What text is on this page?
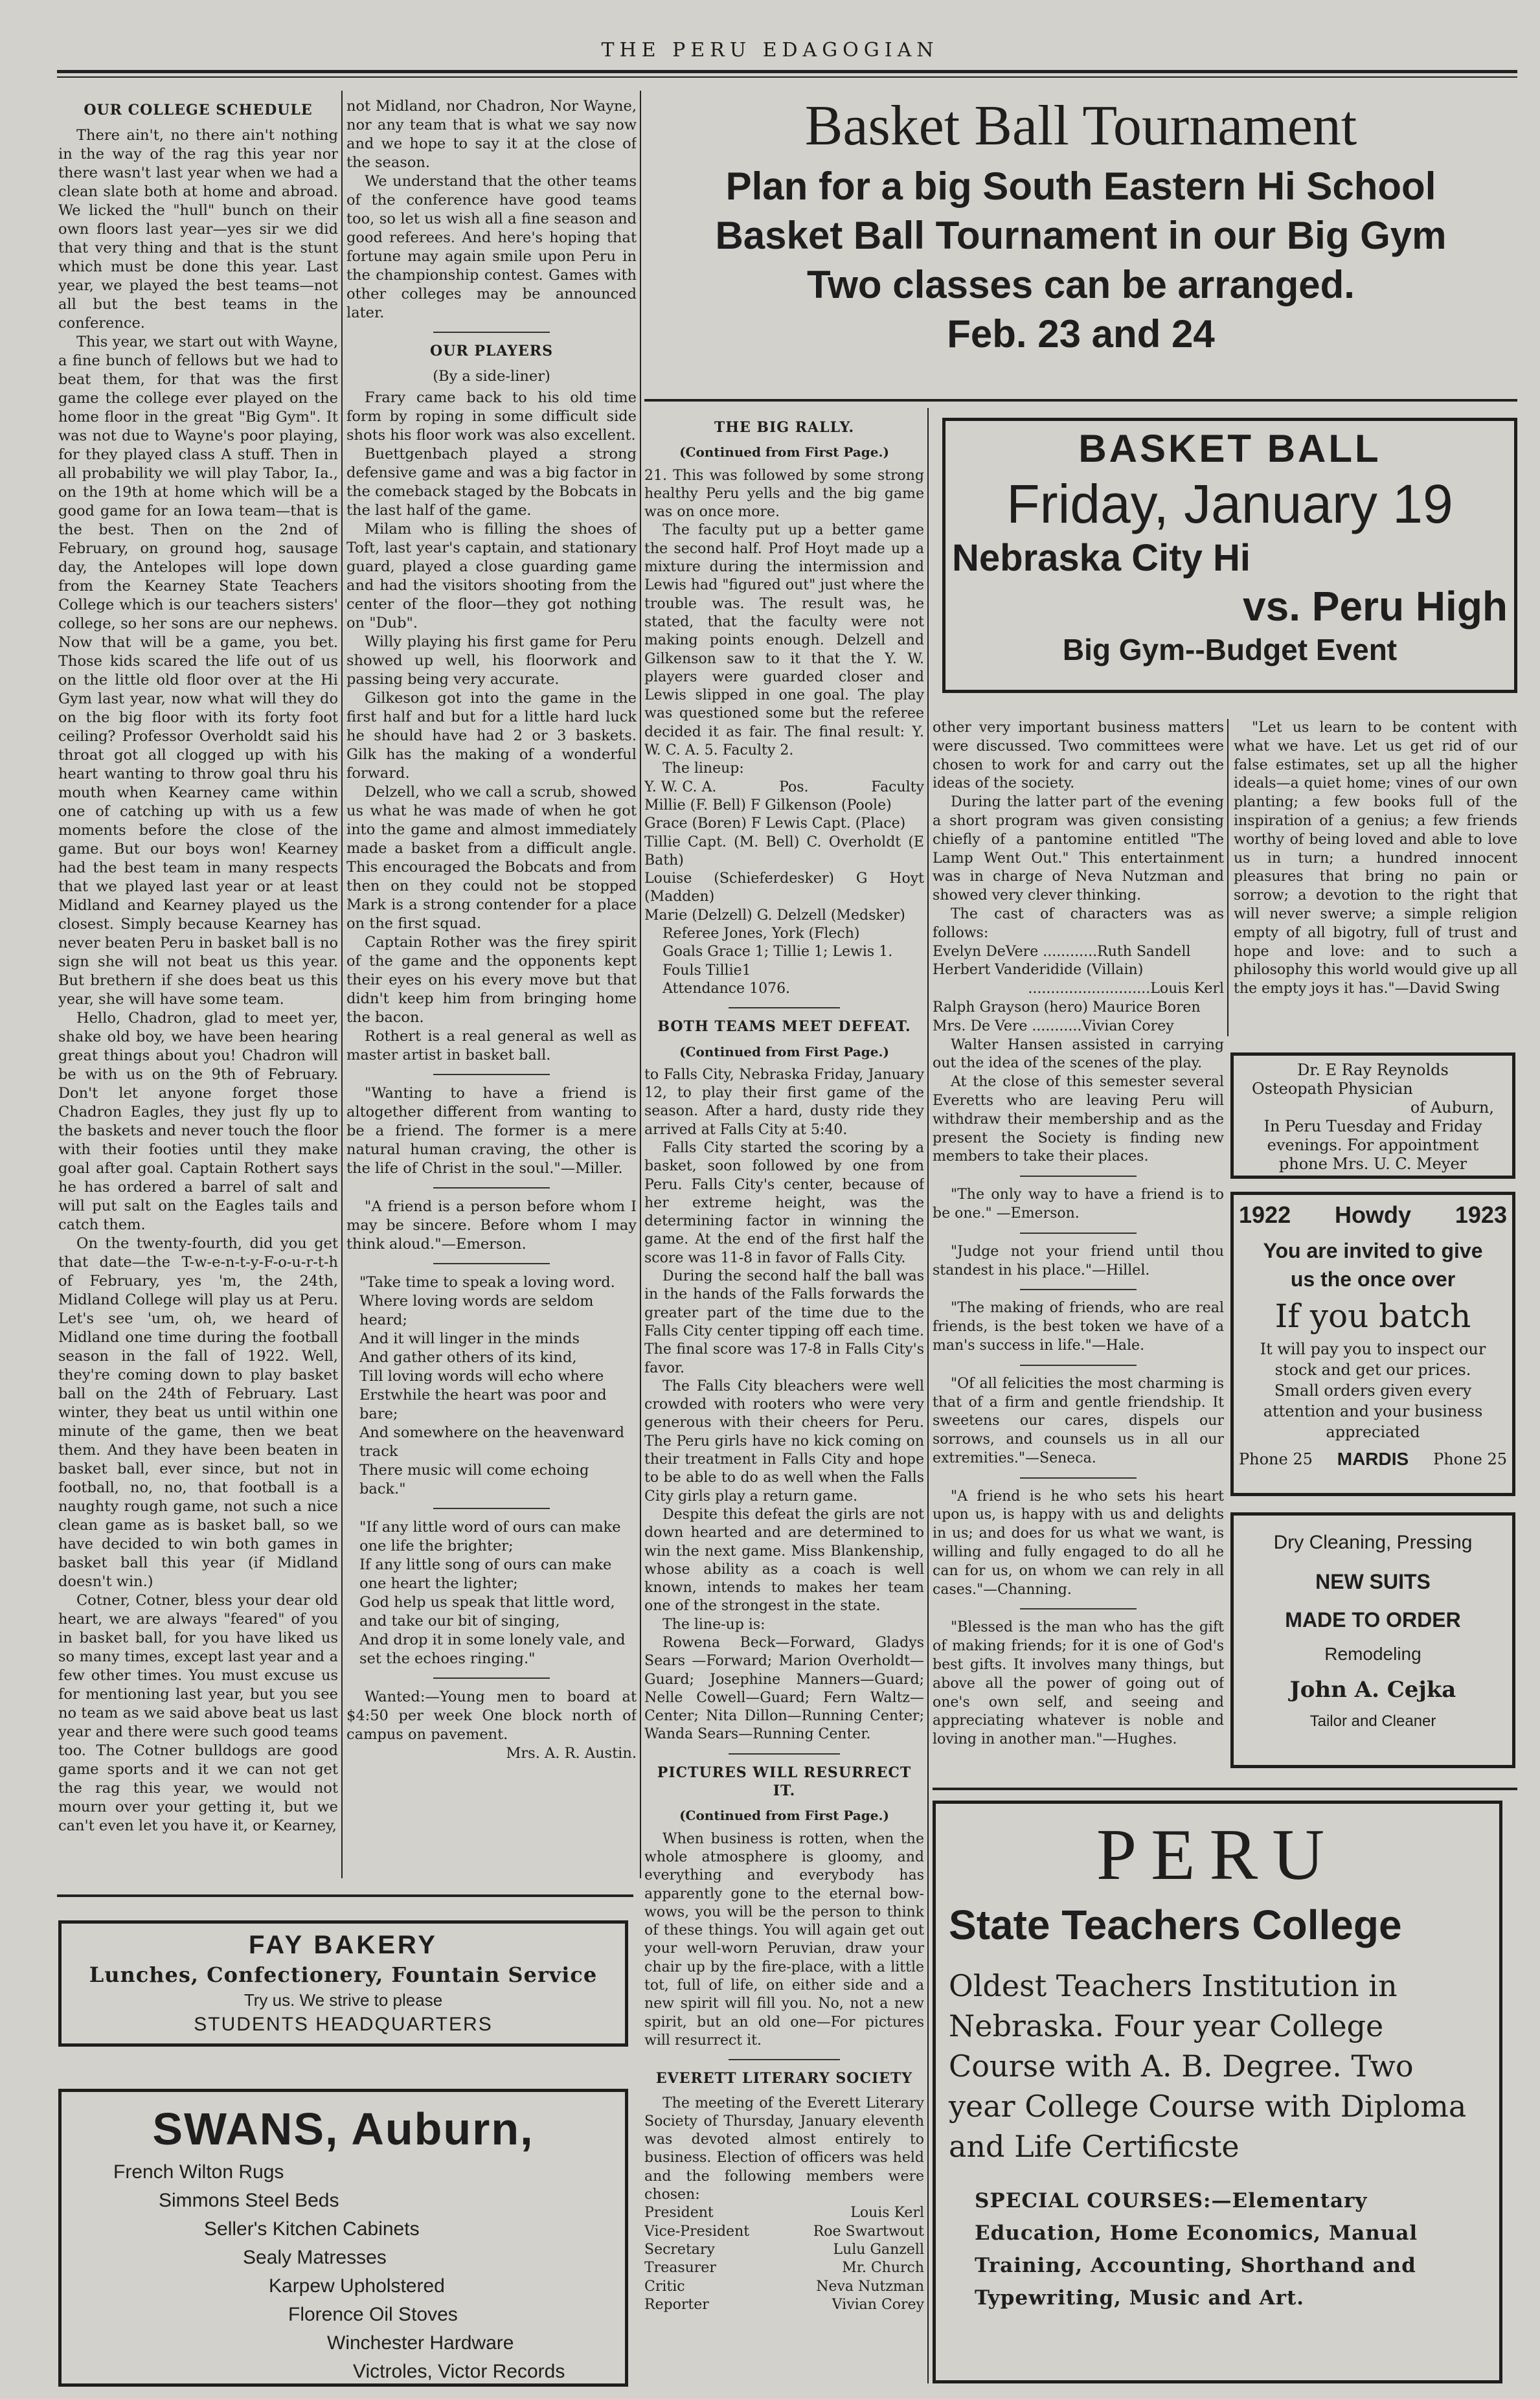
THE PERU EDAGOGIAN
OUR COLLEGE SCHEDULE

There ain't, no there ain't nothing in the way of the rag this year nor there wasn't last year when we had a clean slate both at home and abroad. We licked the "hull" bunch on their own floors last year—yes sir we did that very thing and that is the stunt which must be done this year. Last year, we played the best teams—not all but the best teams in the conference.

This year, we start out with Wayne, a fine bunch of fellows but we had to beat them, for that was the first game the college ever played on the home floor in the great "Big Gym". It was not due to Wayne's poor playing, for they played class A stuff. Then in all probability we will play Tabor, Ia., on the 19th at home which will be a good game for an Iowa team—that is the best. Then on the 2nd of February, on ground hog, sausage day, the Antelopes will lope down from the Kearney State Teachers College which is our teachers sisters' college, so her sons are our nephews. Now that will be a game, you bet. Those kids scared the life out of us on the little old floor over at the Hi Gym last year, now what will they do on the big floor with its forty foot ceiling? Professor Overholdt said his throat got all clogged up with his heart wanting to throw goal thru his mouth when Kearney came within one of catching up with us a few moments before the close of the game. But our boys won! Kearney had the best team in many respects that we played last year or at least Midland and Kearney played us the closest. Simply because Kearney has never beaten Peru in basket ball is no sign she will not beat us this year. But brethern if she does beat us this year, she will have some team.

Hello, Chadron, glad to meet yer, shake old boy, we have been hearing great things about you! Chadron will be with us on the 9th of February. Don't let anyone forget those Chadron Eagles, they just fly up to the baskets and never touch the floor with their footies until they make goal after goal. Captain Rothert says he has ordered a barrel of salt and will put salt on the Eagles tails and catch them.

On the twenty-fourth, did you get that date—the T-w-e-n-t-y-F-o-u-r-t-h of February, yes 'm, the 24th, Midland College will play us at Peru. Let's see 'um, oh, we heard of Midland one time during the football season in the fall of 1922. Well, they're coming down to play basket ball on the 24th of February. Last winter, they beat us until within one minute of the game, then we beat them. And they have been beaten in basket ball, ever since, but not in football, no, no, that football is a naughty rough game, not such a nice clean game as is basket ball, so we have decided to win both games in basket ball this year (if Midland doesn't win.)

Cotner, Cotner, bless your dear old heart, we are always "feared" of you in basket ball, for you have liked us so many times, except last year and a few other times. You must excuse us for mentioning last year, but you see no team as we said above beat us last year and there were such good teams too. The Cotner bulldogs are good game sports and it we can not get the rag this year, we would not mourn over your getting it, but we can't even let you have it, or Kearney,

not Midland, nor Chadron, Nor Wayne, nor any team that is what we say now and we hope to say it at the close of the season.

We understand that the other teams of the conference have good teams too, so let us wish all a fine season and good referees. And here's hoping that fortune may again smile upon Peru in the championship contest. Games with other colleges may be announced later.

OUR PLAYERS
(By a side-liner)

Frary came back to his old time form by roping in some difficult side shots his floor work was also excellent.

Buettgenbach played a strong defensive game and was a big factor in the comeback staged by the Bobcats in the last half of the game.

Milam who is filling the shoes of Toft, last year's captain, and stationary guard, played a close guarding game and had the visitors shooting from the center of the floor—they got nothing on "Dub".

Willy playing his first game for Peru showed up well, his floorwork and passing being very accurate.

Gilkeson got into the game in the first half and but for a little hard luck he should have had 2 or 3 baskets. Gilk has the making of a wonderful forward.

Delzell, who we call a scrub, showed us what he was made of when he got into the game and almost immediately made a basket from a difficult angle. This encouraged the Bobcats and from then on they could not be stopped Mark is a strong contender for a place on the first squad.

Captain Rother was the firey spirit of the game and the opponents kept their eyes on his every move but that didn't keep him from bringing home the bacon.

Rothert is a real general as well as master artist in basket ball.

"Wanting to have a friend is altogether different from wanting to be a friend. The former is a mere natural human craving, the other is the life of Christ in the soul."—Miller.

"A friend is a person before whom I may be sincere. Before whom I may think aloud."—Emerson.

"Take time to speak a loving word.

Where loving words are seldom heard;

And it will linger in the minds

And gather others of its kind,

Till loving words will echo where

Erstwhile the heart was poor and bare;

And somewhere on the heavenward track

There music will come echoing back."

"If any little word of ours can make one life the brighter;

If any little song of ours can make one heart the lighter;

God help us speak that little word, and take our bit of singing,

And drop it in some lonely vale, and set the echoes ringing."

Wanted:—Young men to board at $4:50 per week One block north of campus on pavement.

Mrs. A. R. Austin.

Basket Ball Tournament
Plan for a big South Eastern Hi School
Basket Ball Tournament in our Big Gym
Two classes can be arranged.
Feb. 23 and 24
THE BIG RALLY.
(Continued from First Page.)

21. This was followed by some strong healthy Peru yells and the big game was on once more.

The faculty put up a better game the second half. Prof Hoyt made up a mixture during the intermission and Lewis had "figured out" just where the trouble was. The result was, he stated, that the faculty were not making points enough. Delzell and Gilkenson saw to it that the Y. W. players were guarded closer and Lewis slipped in one goal. The play was questioned some but the referee decided it as fair. The final result: Y. W. C. A. 5. Faculty 2.

The lineup:

Y. W. C. A.	Pos.	Faculty

Millie (F. Bell) F Gilkenson (Poole)

Grace (Boren) F Lewis Capt. (Place)

Tillie Capt. (M. Bell) C. Overholdt (E Bath)

Louise (Schieferdesker) G Hoyt (Madden)

Marie (Delzell) G. Delzell (Medsker)

Referee Jones, York (Flech)

Goals Grace 1; Tillie 1; Lewis 1.

Fouls Tillie1

Attendance 1076.

BOTH TEAMS MEET DEFEAT.
(Continued from First Page.)

to Falls City, Nebraska Friday, January 12, to play their first game of the season. After a hard, dusty ride they arrived at Falls City at 5:40.

Falls City started the scoring by a basket, soon followed by one from Peru. Falls City's center, because of her extreme height, was the determining factor in winning the game. At the end of the first half the score was 11-8 in favor of Falls City.

During the second half the ball was in the hands of the Falls forwards the greater part of the time due to the Falls City center tipping off each time. The final score was 17-8 in Falls City's favor.

The Falls City bleachers were well crowded with rooters who were very generous with their cheers for Peru. The Peru girls have no kick coming on their treatment in Falls City and hope to be able to do as well when the Falls City girls play a return game.

Despite this defeat the girls are not down hearted and are determined to win the next game. Miss Blankenship, whose ability as a coach is well known, intends to makes her team one of the strongest in the state.

The line-up is:

Rowena Beck—Forward, Gladys Sears —Forward; Marion Overholdt—Guard; Josephine Manners—Guard; Nelle Cowell—Guard; Fern Waltz—Center; Nita Dillon—Running Center; Wanda Sears—Running Center.

PICTURES WILL RESURRECT IT.
(Continued from First Page.)

When business is rotten, when the whole atmosphere is gloomy, and everything and everybody has apparently gone to the eternal bow-wows, you will be the person to think of these things. You will again get out your well-worn Peruvian, draw your chair up by the fire-place, with a little tot, full of life, on either side and a new spirit will fill you. No, not a new spirit, but an old one—For pictures will resurrect it.

EVERETT LITERARY SOCIETY

The meeting of the Everett Literary Society of Thursday, January eleventh was devoted almost entirely to business. Election of officers was held and the following members were chosen:

President	Louis Kerl
Vice-President	Roe Swartwout
Secretary	Lulu Ganzell
Treasurer	Mr. Church
Critic	Neva Nutzman
Reporter	Vivian Corey
BASKET BALL
Friday, January 19
Nebraska City Hi
vs. Peru High
Big Gym--Budget Event

other very important business matters were discussed. Two committees were chosen to work for and carry out the ideas of the society.

During the latter part of the evening a short program was given consisting chiefly of a pantomine entitled "The Lamp Went Out." This entertainment was in charge of Neva Nutzman and showed very clever thinking.

The cast of characters was as follows:

Evelyn DeVere ............Ruth Sandell

Herbert Vanderidide (Villain)

...........................Louis Kerl

Ralph Grayson (hero) Maurice Boren

Mrs. De Vere ...........Vivian Corey

Walter Hansen assisted in carrying out the idea of the scenes of the play.

At the close of this semester several Everetts who are leaving Peru will withdraw their membership and as the present the Society is finding new members to take their places.

"The only way to have a friend is to be one." —Emerson.

"Judge not your friend until thou standest in his place."—Hillel.

"The making of friends, who are real friends, is the best token we have of a man's success in life."—Hale.

"Of all felicities the most charming is that of a firm and gentle friendship. It sweetens our cares, dispels our sorrows, and counsels us in all our extremities."—Seneca.

"A friend is he who sets his heart upon us, is happy with us and delights in us; and does for us what we want, is willing and fully engaged to do all he can for us, on whom we can rely in all cases."—Channing.

"Blessed is the man who has the gift of making friends; for it is one of God's best gifts. It involves many things, but above all the power of going out of one's own self, and seeing and appreciating whatever is noble and loving in another man."—Hughes.

"Let us learn to be content with what we have. Let us get rid of our false estimates, set up all the higher ideals—a quiet home; vines of our own planting; a few books full of the inspiration of a genius; a few friends worthy of being loved and able to love us in turn; a hundred innocent pleasures that bring no pain or sorrow; a devotion to the right that will never swerve; a simple religion empty of all bigotry, full of trust and hope and love: and to such a philosophy this world would give up all the empty joys it has."—David Swing

Dr. E Ray Reynolds
Osteopath Physician
of Auburn,
In Peru Tuesday and Friday
evenings. For appointment
phone Mrs. U. C. Meyer
1922 Howdy 1923
You are invited to give
us the once over
If you batch
It will pay you to inspect our
stock and get our prices.
Small orders given every
attention and your business appreciated
Phone 25 MARDIS Phone 25
Dry Cleaning, Pressing
NEW SUITS
MADE TO ORDER
Remodeling
John A. Cejka
Tailor and Cleaner
PERU
State Teachers College
Oldest Teachers Institution in Nebraska. Four year College Course with A. B. Degree. Two year College Course with Diploma and Life Certificste
SPECIAL COURSES:—Elementary Education, Home Economics, Manual Training, Accounting, Shorthand and Typewriting, Music and Art.
FAY BAKERY
Lunches, Confectionery, Fountain Service
Try us. We strive to please
STUDENTS HEADQUARTERS
SWANS, Auburn,
French Wilton Rugs
Simmons Steel Beds
Seller's Kitchen Cabinets
Sealy Matresses
Karpew Upholstered
Florence Oil Stoves
Winchester Hardware
Victroles, Victor Records
